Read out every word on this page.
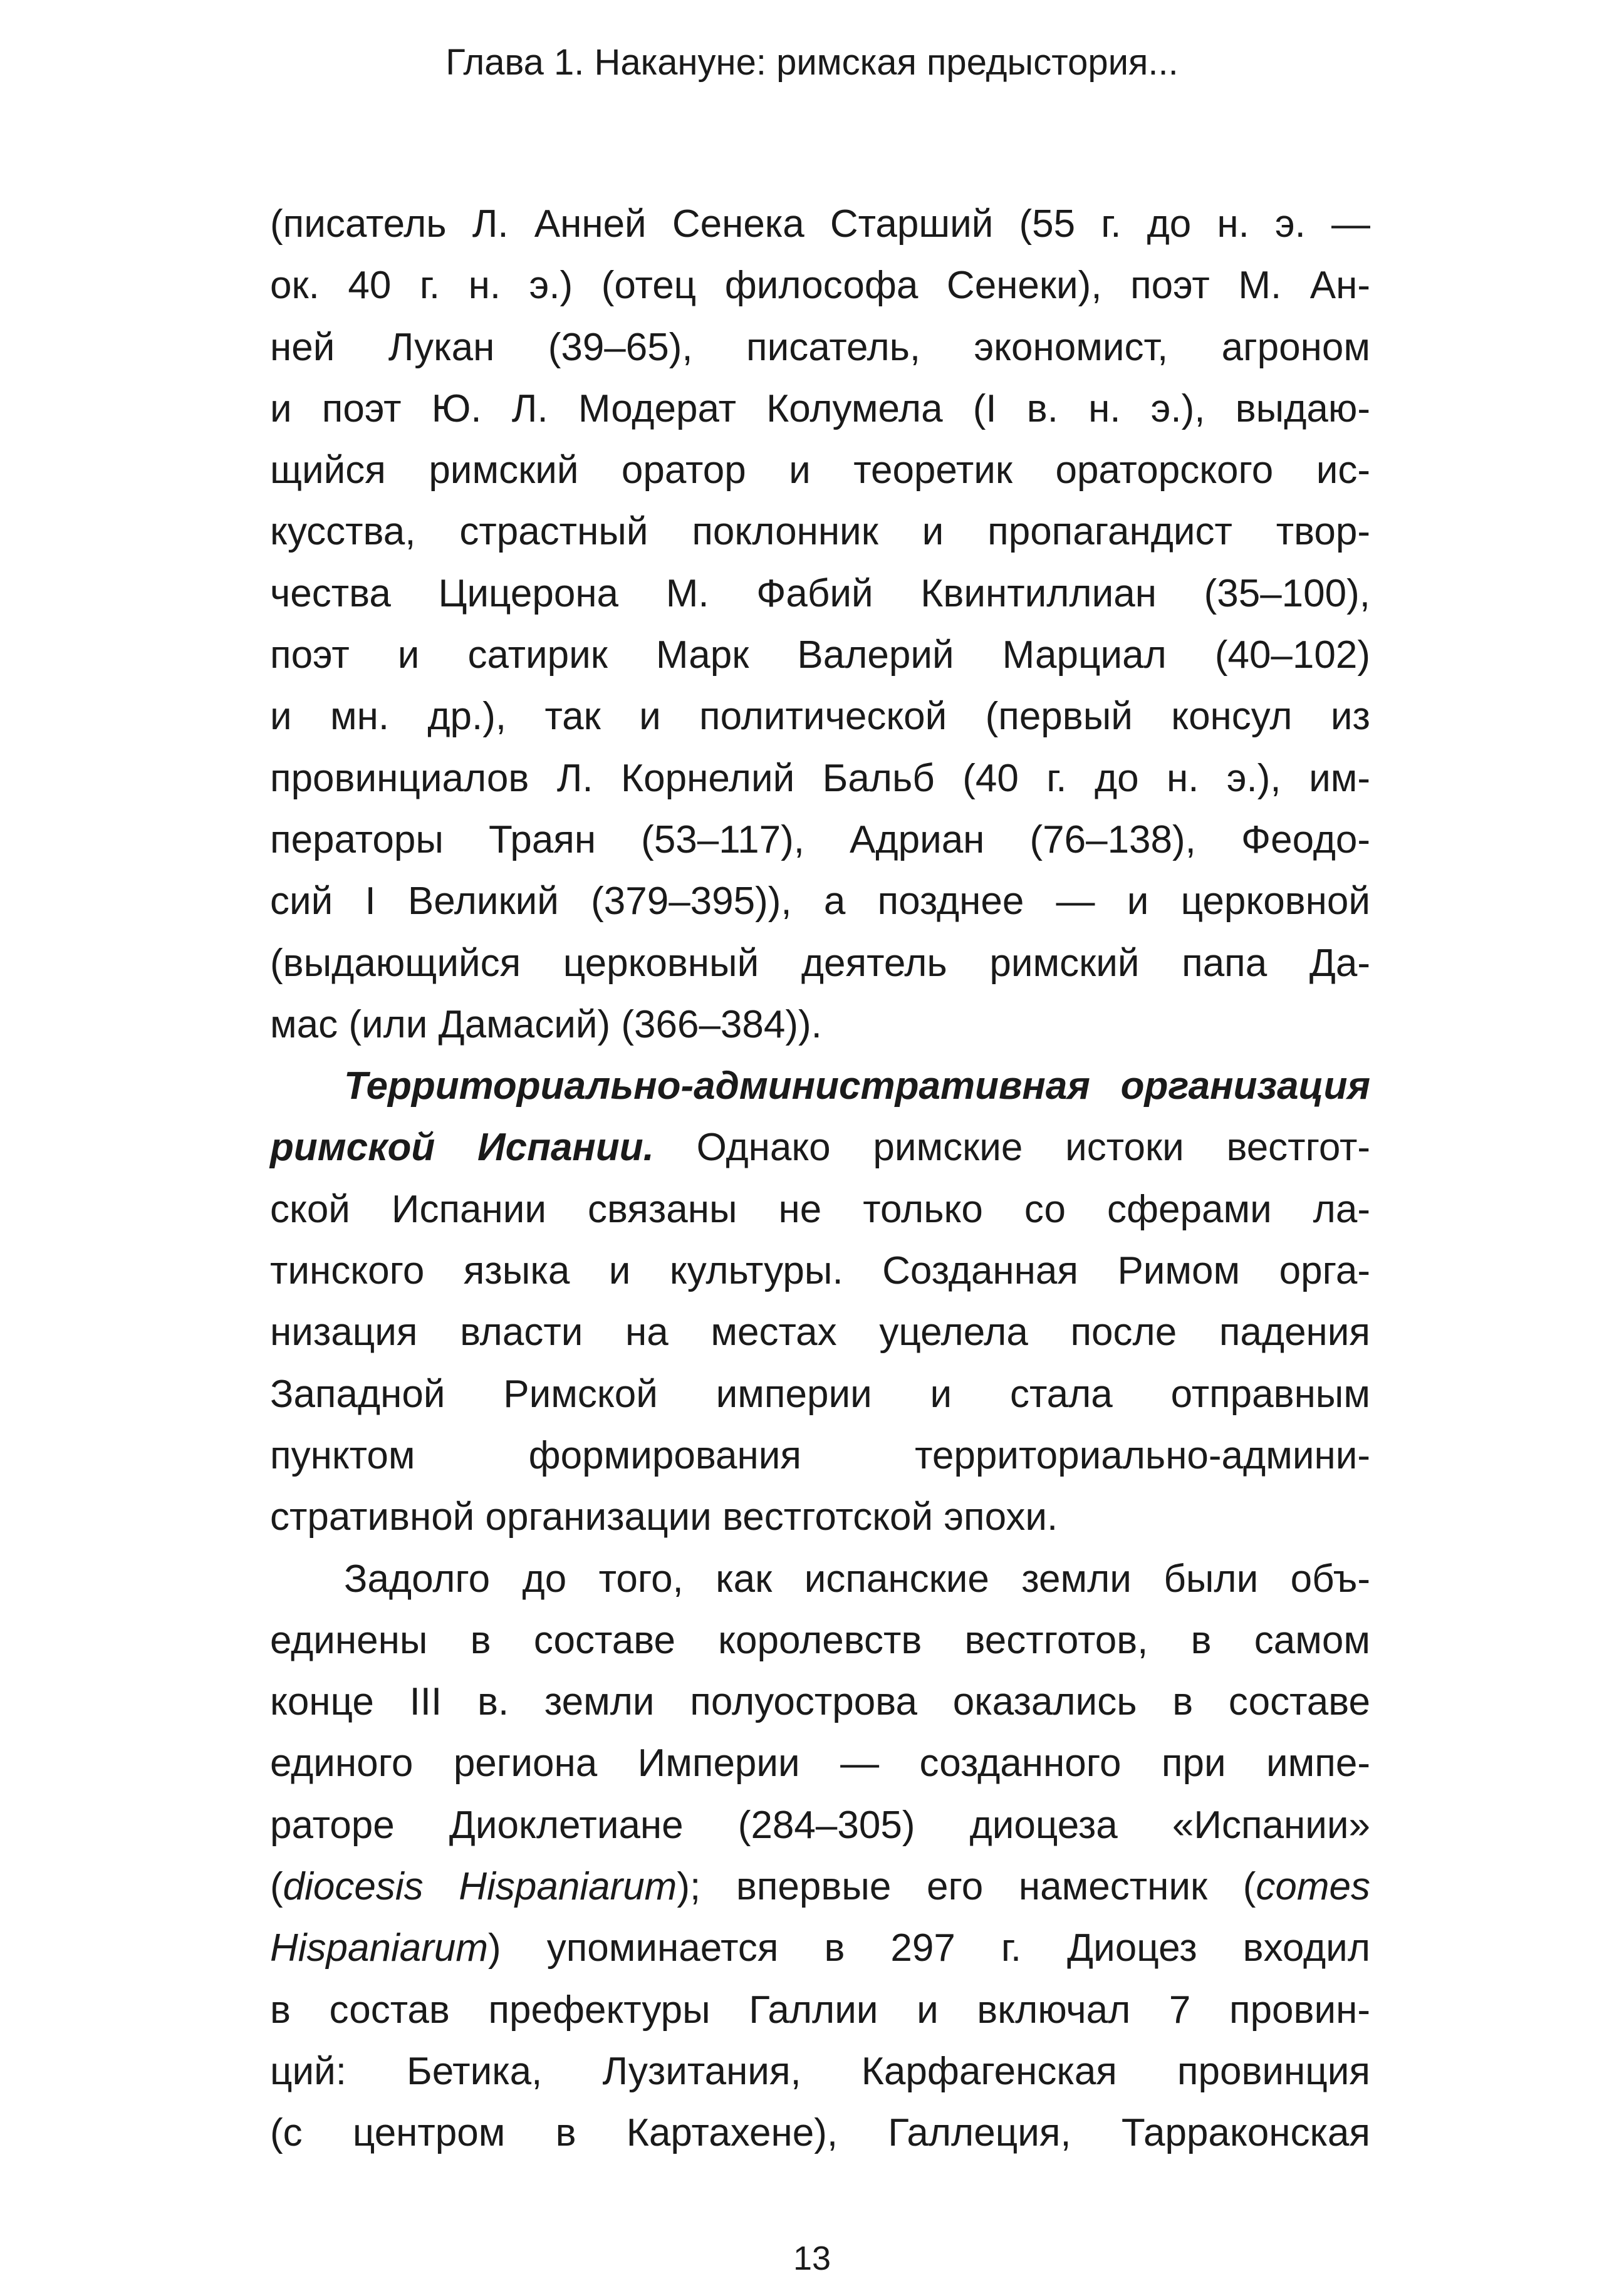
Глава 1. Накануне: римская предыстория...
(писатель Л. Анней Сенека Старший (55 г. до н. э. —
ок. 40 г. н. э.) (отец философа Сенеки), поэт М. Ан-
ней Лукан (39–65), писатель, экономист, агроном
и поэт Ю. Л. Модерат Колумела (I в. н. э.), выдаю-
щийся римский оратор и теоретик ораторского ис-
кусства, страстный поклонник и пропагандист твор-
чества Цицерона М. Фабий Квинтиллиан (35–100),
поэт и сатирик Марк Валерий Марциал (40–102)
и мн. др.), так и политической (первый консул из
провинциалов Л. Корнелий Бальб (40 г. до н. э.), им-
ператоры Траян (53–117), Адриан (76–138), Феодо-
сий I Великий (379–395)), а позднее — и церковной
(выдающийся церковный деятель римский папа Да-
мас (или Дамасий) (366–384)).
Территориально-административная организация
римской Испании. Однако римские истоки вестгот-
ской Испании связаны не только со сферами ла-
тинского языка и культуры. Созданная Римом орга-
низация власти на местах уцелела после падения
Западной Римской империи и стала отправным
пунктом формирования территориально-админи-
стративной организации вестготской эпохи.
Задолго до того, как испанские земли были объ-
единены в составе королевств вестготов, в самом
конце III в. земли полуострова оказались в составе
единого региона Империи — созданного при импе-
раторе Диоклетиане (284–305) диоцеза «Испании»
(diocesis Hispaniarum); впервые его наместник (comes
Hispaniarum) упоминается в 297 г. Диоцез входил
в состав префектуры Галлии и включал 7 провин-
ций: Бетика, Лузитания, Карфагенская провинция
(с центром в Картахене), Галлеция, Тарраконская
13
